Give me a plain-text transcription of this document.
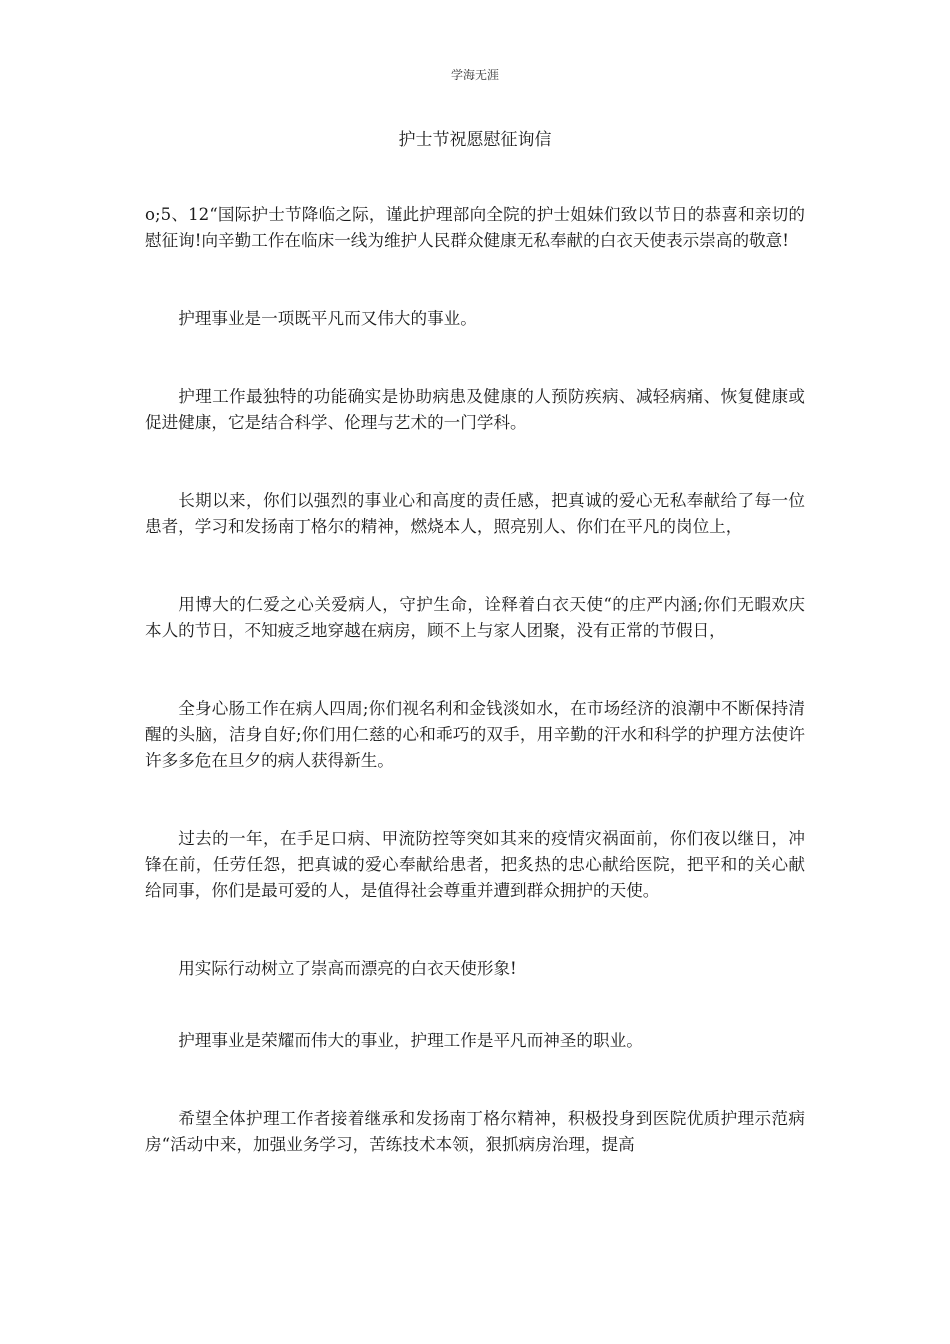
学海无涯
护士节祝愿慰征询信

o;5、12“国际护士节降临之际，谨此护理部向全院的护士姐妹们致以节日的恭喜和亲切的慰征询!向辛勤工作在临床一线为维护人民群众健康无私奉献的白衣天使表示崇高的敬意!

护理事业是一项既平凡而又伟大的事业。

护理工作最独特的功能确实是协助病患及健康的人预防疾病、减轻病痛、恢复健康或促进健康，它是结合科学、伦理与艺术的一门学科。

长期以来，你们以强烈的事业心和高度的责任感，把真诚的爱心无私奉献给了每一位患者，学习和发扬南丁格尔的精神，燃烧本人，照亮别人、你们在平凡的岗位上，

用博大的仁爱之心关爱病人，守护生命，诠释着白衣天使“的庄严内涵;你们无暇欢庆本人的节日，不知疲乏地穿越在病房，顾不上与家人团聚，没有正常的节假日，

全身心肠工作在病人四周;你们视名利和金钱淡如水，在市场经济的浪潮中不断保持清醒的头脑，洁身自好;你们用仁慈的心和乖巧的双手，用辛勤的汗水和科学的护理方法使许许多多危在旦夕的病人获得新生。

过去的一年，在手足口病、甲流防控等突如其来的疫情灾祸面前，你们夜以继日，冲锋在前，任劳任怨，把真诚的爱心奉献给患者，把炙热的忠心献给医院，把平和的关心献给同事，你们是最可爱的人，是值得社会尊重并遭到群众拥护的天使。

用实际行动树立了崇高而漂亮的白衣天使形象!

护理事业是荣耀而伟大的事业，护理工作是平凡而神圣的职业。

希望全体护理工作者接着继承和发扬南丁格尔精神，积极投身到医院优质护理示范病房“活动中来，加强业务学习，苦练技术本领，狠抓病房治理，提高
